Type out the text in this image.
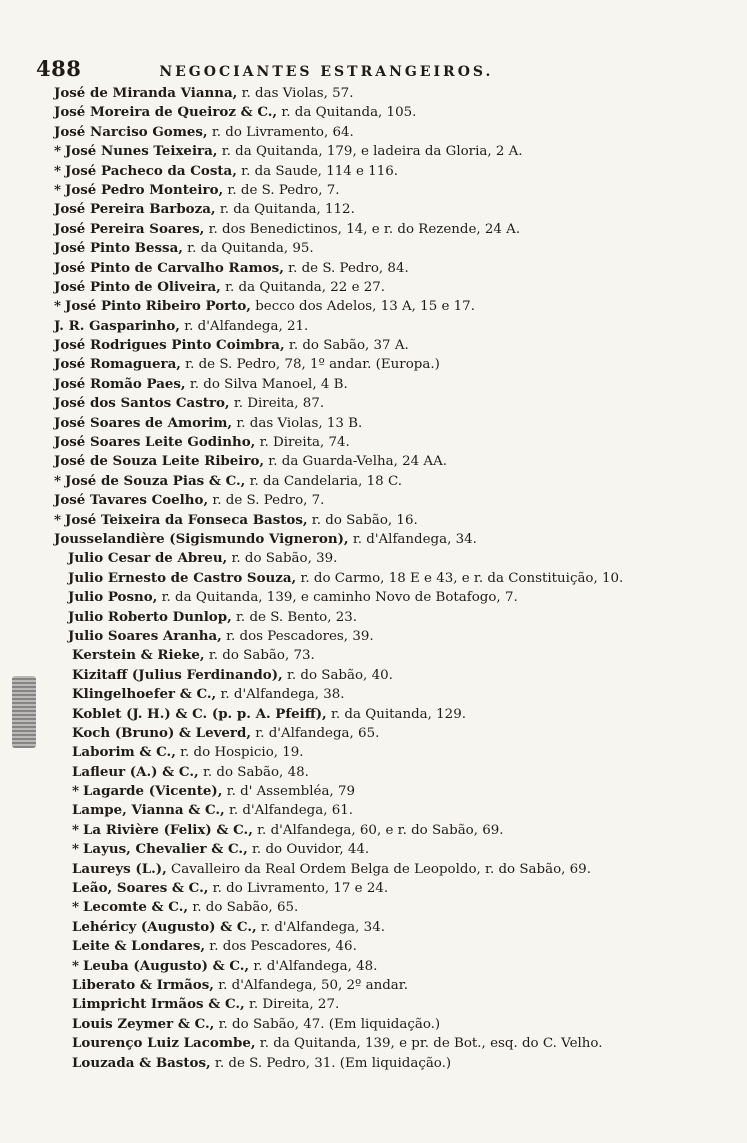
488	NEGOCIANTES ESTRANGEIROS.
José de Miranda Vianna, r. das Violas, 57.
José Moreira de Queiroz & C., r. da Quitanda, 105.
José Narciso Gomes, r. do Livramento, 64.
* José Nunes Teixeira, r. da Quitanda, 179, e ladeira da Gloria, 2 A.
* José Pacheco da Costa, r. da Saude, 114 e 116.
* José Pedro Monteiro, r. de S. Pedro, 7.
José Pereira Barboza, r. da Quitanda, 112.
José Pereira Soares, r. dos Benedictinos, 14, e r. do Rezende, 24 A.
José Pinto Bessa, r. da Quitanda, 95.
José Pinto de Carvalho Ramos, r. de S. Pedro, 84.
José Pinto de Oliveira, r. da Quitanda, 22 e 27.
* José Pinto Ribeiro Porto, becco dos Adelos, 13 A, 15 e 17.
J. R. Gasparinho, r. d'Alfandega, 21.
José Rodrigues Pinto Coimbra, r. do Sabão, 37 A.
José Romaguera, r. de S. Pedro, 78, 1º andar. (Europa.)
José Romão Paes, r. do Silva Manoel, 4 B.
José dos Santos Castro, r. Direita, 87.
José Soares de Amorim, r. das Violas, 13 B.
José Soares Leite Godinho, r. Direita, 74.
José de Souza Leite Ribeiro, r. da Guarda-Velha, 24 AA.
* José de Souza Pias & C., r. da Candelaria, 18 C.
José Tavares Coelho, r. de S. Pedro, 7.
* José Teixeira da Fonseca Bastos, r. do Sabão, 16.
Jousselandière (Sigismundo Vigneron), r. d'Alfandega, 34.
Julio Cesar de Abreu, r. do Sabão, 39.
Julio Ernesto de Castro Souza, r. do Carmo, 18 E e 43, e r. da Constituição, 10.
Julio Posno, r. da Quitanda, 139, e caminho Novo de Botafogo, 7.
Julio Roberto Dunlop, r. de S. Bento, 23.
Julio Soares Aranha, r. dos Pescadores, 39.
Kerstein & Rieke, r. do Sabão, 73.
Kizitaff (Julius Ferdinando), r. do Sabão, 40.
Klingelhoefer & C., r. d'Alfandega, 38.
Koblet (J. H.) & C. (p. p. A. Pfeiff), r. da Quitanda, 129.
Koch (Bruno) & Leverd, r. d'Alfandega, 65.
Laborim & C., r. do Hospicio, 19.
Lafleur (A.) & C., r. do Sabão, 48.
* Lagarde (Vicente), r. d' Assembléa, 79
Lampe, Vianna & C., r. d'Alfandega, 61.
* La Rivière (Felix) & C., r. d'Alfandega, 60, e r. do Sabão, 69.
* Layus, Chevalier & C., r. do Ouvidor, 44.
Laureys (L.), Cavalleiro da Real Ordem Belga de Leopoldo, r. do Sabão, 69.
Leão, Soares & C., r. do Livramento, 17 e 24.
* Lecomte & C., r. do Sabão, 65.
Lehéricy (Augusto) & C., r. d'Alfandega, 34.
Leite & Londares, r. dos Pescadores, 46.
* Leuba (Augusto) & C., r. d'Alfandega, 48.
Liberato & Irmãos, r. d'Alfandega, 50, 2º andar.
Limpricht Irmãos & C., r. Direita, 27.
Louis Zeymer & C., r. do Sabão, 47. (Em liquidação.)
Lourenço Luiz Lacombe, r. da Quitanda, 139, e pr. de Bot., esq. do C. Velho.
Louzada & Bastos, r. de S. Pedro, 31. (Em liquidação.)
